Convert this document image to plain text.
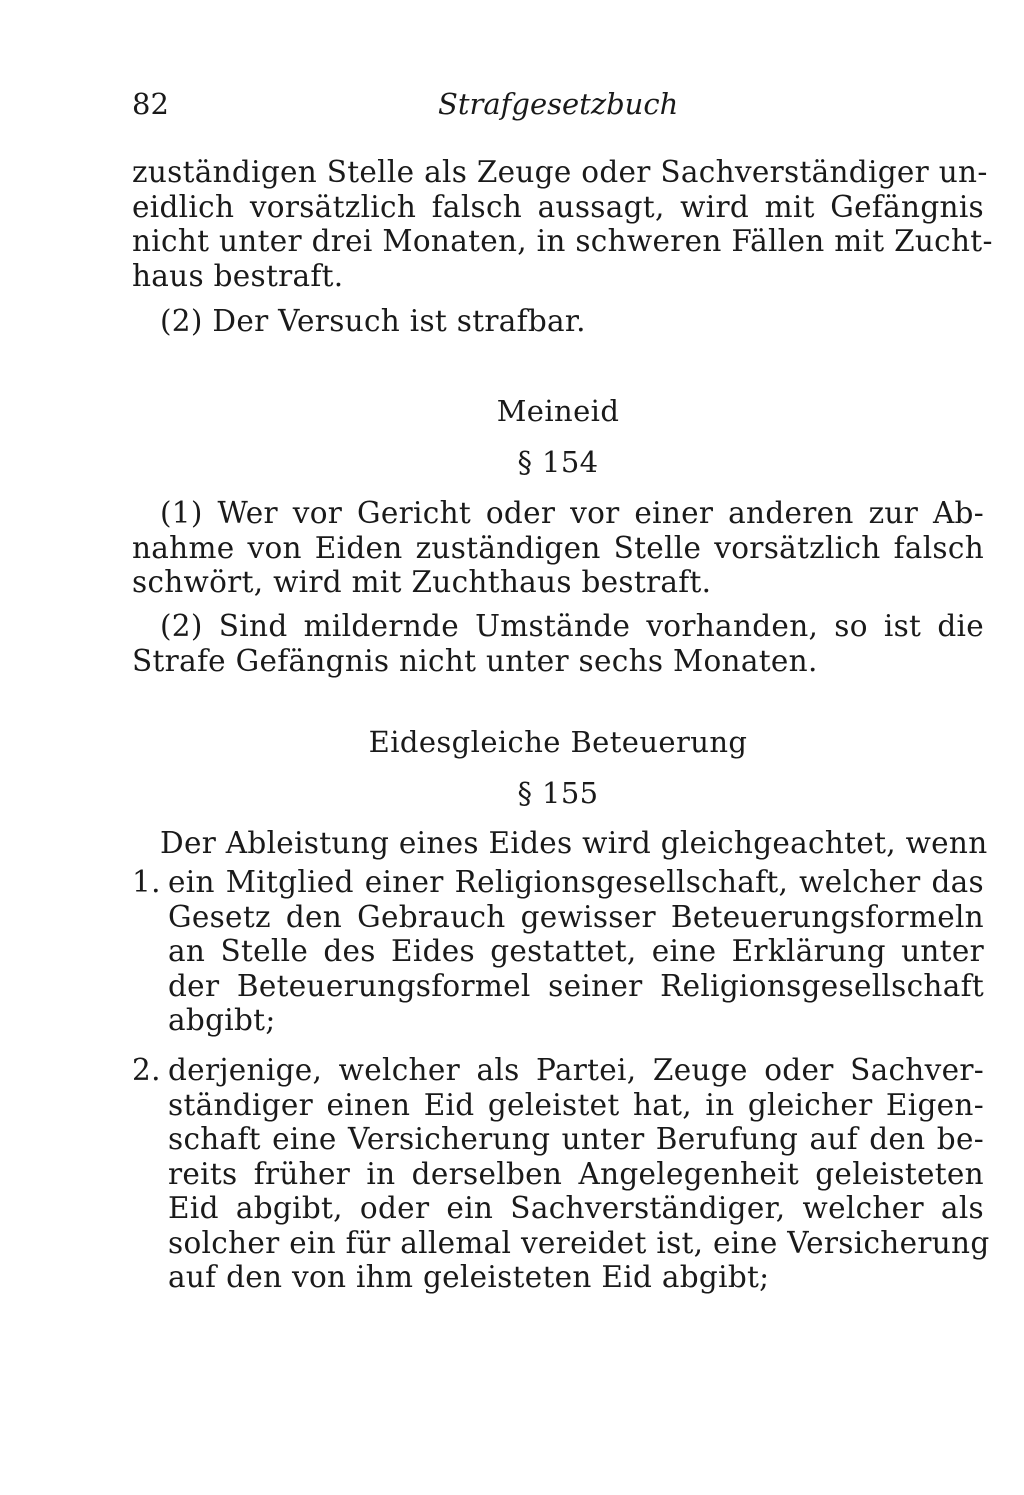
82	Strafgesetzbuch
zuständigen Stelle als Zeuge oder Sachverständiger un-
eidlich vorsätzlich falsch aussagt, wird mit Gefängnis
nicht unter drei Monaten, in schweren Fällen mit Zucht-
haus bestraft.
(2) Der Versuch ist strafbar.
Meineid
§ 154
(1) Wer vor Gericht oder vor einer anderen zur Ab-
nahme von Eiden zuständigen Stelle vorsätzlich falsch
schwört, wird mit Zuchthaus bestraft.
(2) Sind mildernde Umstände vorhanden, so ist die
Strafe Gefängnis nicht unter sechs Monaten.
Eidesgleiche Beteuerung
§ 155
Der Ableistung eines Eides wird gleichgeachtet, wenn
1. ein Mitglied einer Religionsgesellschaft, welcher das
Gesetz den Gebrauch gewisser Beteuerungsformeln
an Stelle des Eides gestattet, eine Erklärung unter
der Beteuerungsformel seiner Religionsgesellschaft
abgibt;
2. derjenige, welcher als Partei, Zeuge oder Sachver-
ständiger einen Eid geleistet hat, in gleicher Eigen-
schaft eine Versicherung unter Berufung auf den be-
reits früher in derselben Angelegenheit geleisteten
Eid abgibt, oder ein Sachverständiger, welcher als
solcher ein für allemal vereidet ist, eine Versicherung
auf den von ihm geleisteten Eid abgibt;
